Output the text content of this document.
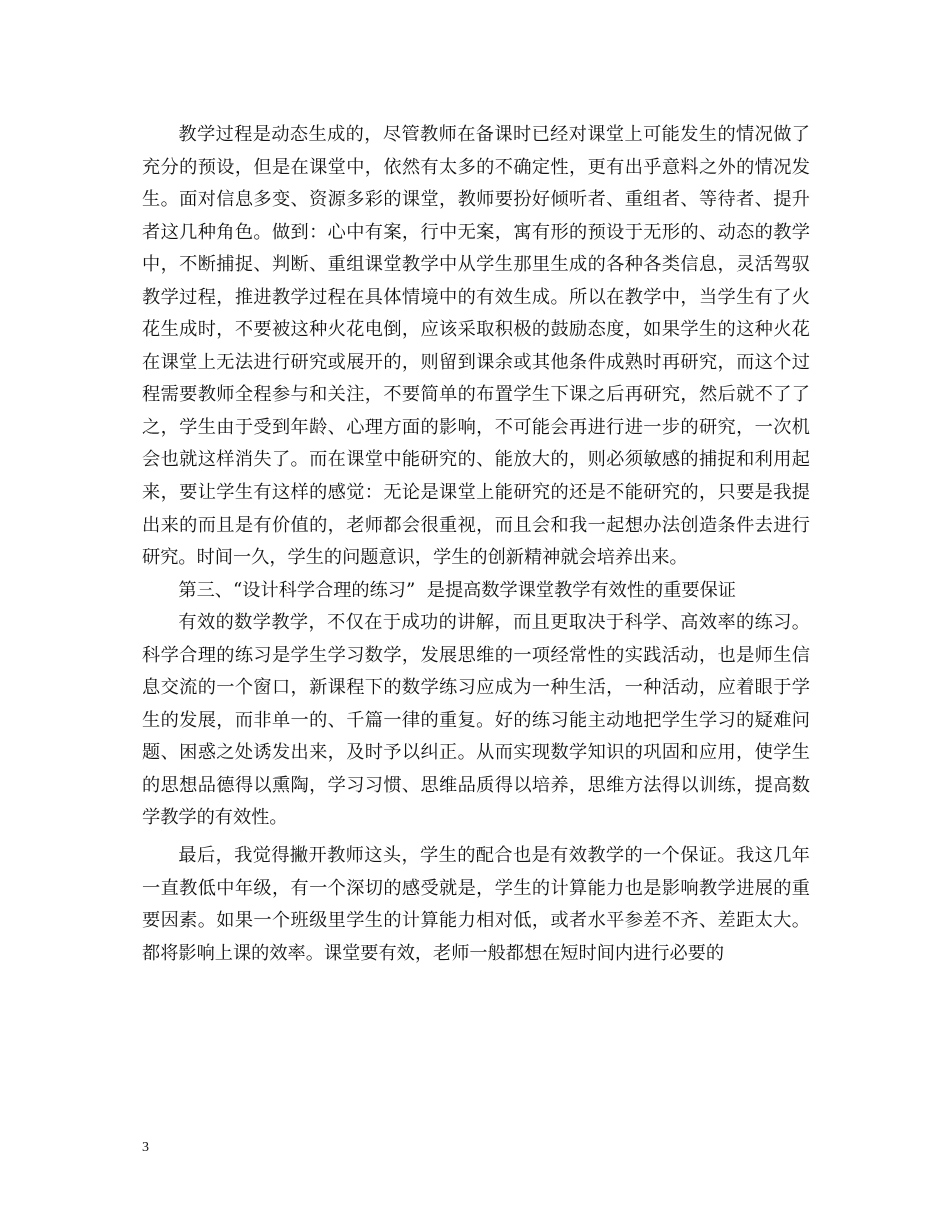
教学过程是动态生成的，尽管教师在备课时已经对课堂上可能发生的情况做了充分的预设，但是在课堂中，依然有太多的不确定性，更有出乎意料之外的情况发生。面对信息多变、资源多彩的课堂，教师要扮好倾听者、重组者、等待者、提升者这几种角色。做到：心中有案，行中无案，寓有形的预设于无形的、动态的教学中，不断捕捉、判断、重组课堂教学中从学生那里生成的各种各类信息，灵活驾驭教学过程，推进教学过程在具体情境中的有效生成。所以在教学中，当学生有了火花生成时，不要被这种火花电倒，应该采取积极的鼓励态度，如果学生的这种火花在课堂上无法进行研究或展开的，则留到课余或其他条件成熟时再研究，而这个过程需要教师全程参与和关注，不要简单的布置学生下课之后再研究，然后就不了了之，学生由于受到年龄、心理方面的影响，不可能会再进行进一步的研究，一次机会也就这样消失了。而在课堂中能研究的、能放大的，则必须敏感的捕捉和利用起来，要让学生有这样的感觉：无论是课堂上能研究的还是不能研究的，只要是我提出来的而且是有价值的，老师都会很重视，而且会和我一起想办法创造条件去进行研究。时间一久，学生的问题意识，学生的创新精神就会培养出来。

第三、“设计科学合理的练习”  是提高数学课堂教学有效性的重要保证

有效的数学教学，不仅在于成功的讲解，而且更取决于科学、高效率的练习。科学合理的练习是学生学习数学，发展思维的一项经常性的实践活动，也是师生信息交流的一个窗口，新课程下的数学练习应成为一种生活，一种活动，应着眼于学生的发展，而非单一的、千篇一律的重复。好的练习能主动地把学生学习的疑难问题、困惑之处诱发出来，及时予以纠正。从而实现数学知识的巩固和应用，使学生的思想品德得以熏陶，学习习惯、思维品质得以培养，思维方法得以训练，提高数学教学的有效性。

最后，我觉得撇开教师这头，学生的配合也是有效教学的一个保证。我这几年一直教低中年级，有一个深切的感受就是，学生的计算能力也是影响教学进展的重要因素。如果一个班级里学生的计算能力相对低，或者水平参差不齐、差距太大。都将影响上课的效率。课堂要有效，老师一般都想在短时间内进行必要的

3
